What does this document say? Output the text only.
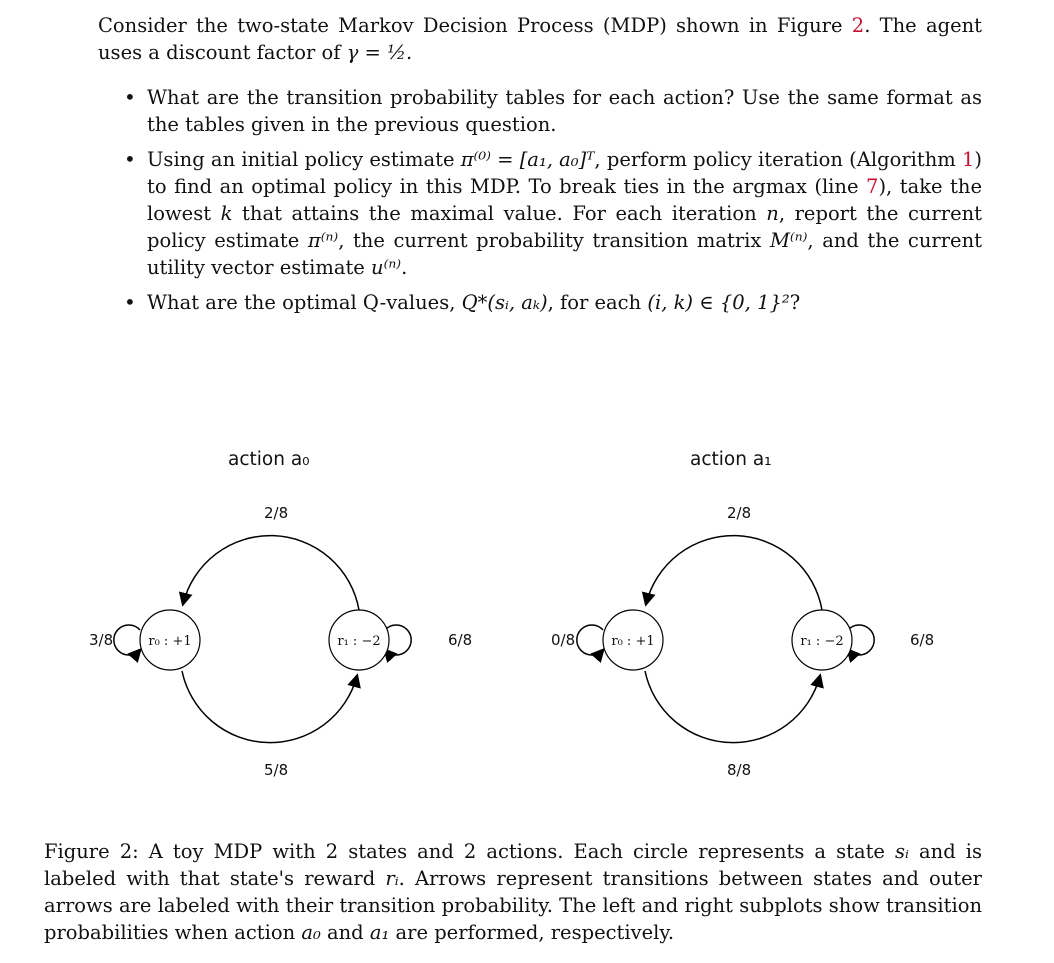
Consider the two-state Markov Decision Process (MDP) shown in Figure 2. The agent uses a discount factor of γ = ½.
• What are the transition probability tables for each action? Use the same format as the tables given in the previous question.
• Using an initial policy estimate π⁽⁰⁾ = [a₁, a₀]ᵀ, perform policy iteration (Algorithm 1) to find an optimal policy in this MDP. To break ties in the argmax (line 7), take the lowest k that attains the maximal value. For each iteration n, report the current policy estimate π⁽ⁿ⁾, the current probability transition matrix M⁽ⁿ⁾, and the current utility vector estimate u⁽ⁿ⁾.
• What are the optimal Q-values, Q*(sᵢ, aₖ), for each (i, k) ∈ {0, 1}²?
action a₀
2/8
5/8
3/8	6/8
r₀ : +1	r₁ : −2
action a₁
2/8
8/8
0/8	6/8
r₀ : +1	r₁ : −2
Figure 2: A toy MDP with 2 states and 2 actions. Each circle represents a state sᵢ and is labeled with that state's reward rᵢ. Arrows represent transitions between states and outer arrows are labeled with their transition probability. The left and right subplots show transition probabilities when action a₀ and a₁ are performed, respectively.
